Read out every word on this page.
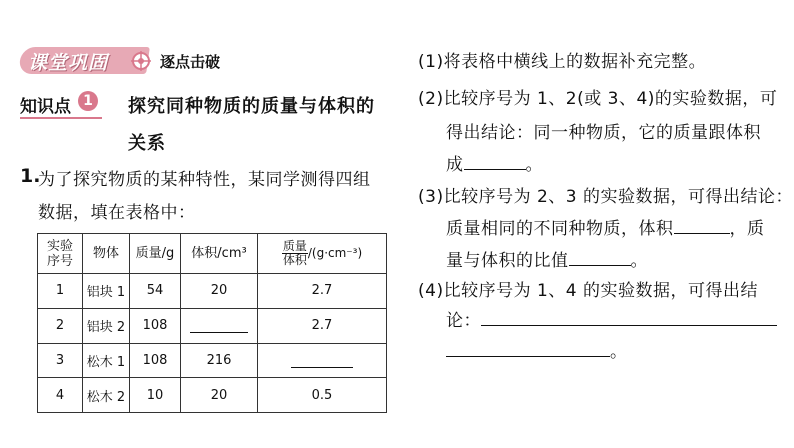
课堂巩固	逐点击破
知识点 1 探究同种物质的质量与体积的
关系
1.
为了探究物质的某种特性，某同学测得四组
数据，填在表格中：
实验
序号	物体	质量/g	体积/cm³	$\frac{\text{质量}}{\text{体积}} /(g\cdot cm^{-3})$
1	铝块 1	54	20	2.7
2	铝块 2	108		2.7
3	松木 1	108	216	
4	松木 2	10	20	0.5
(1)将表格中横线上的数据补充完整。
(2)比较序号为 1、2(或 3、4)的实验数据，可
得出结论：同一种物质，它的质量跟体积
成	。
(3)比较序号为 2、3 的实验数据，可得出结论：
质量相同的不同种物质，体积	，质
量与体积的比值	。
(4)比较序号为 1、4 的实验数据，可得出结
论：
。
